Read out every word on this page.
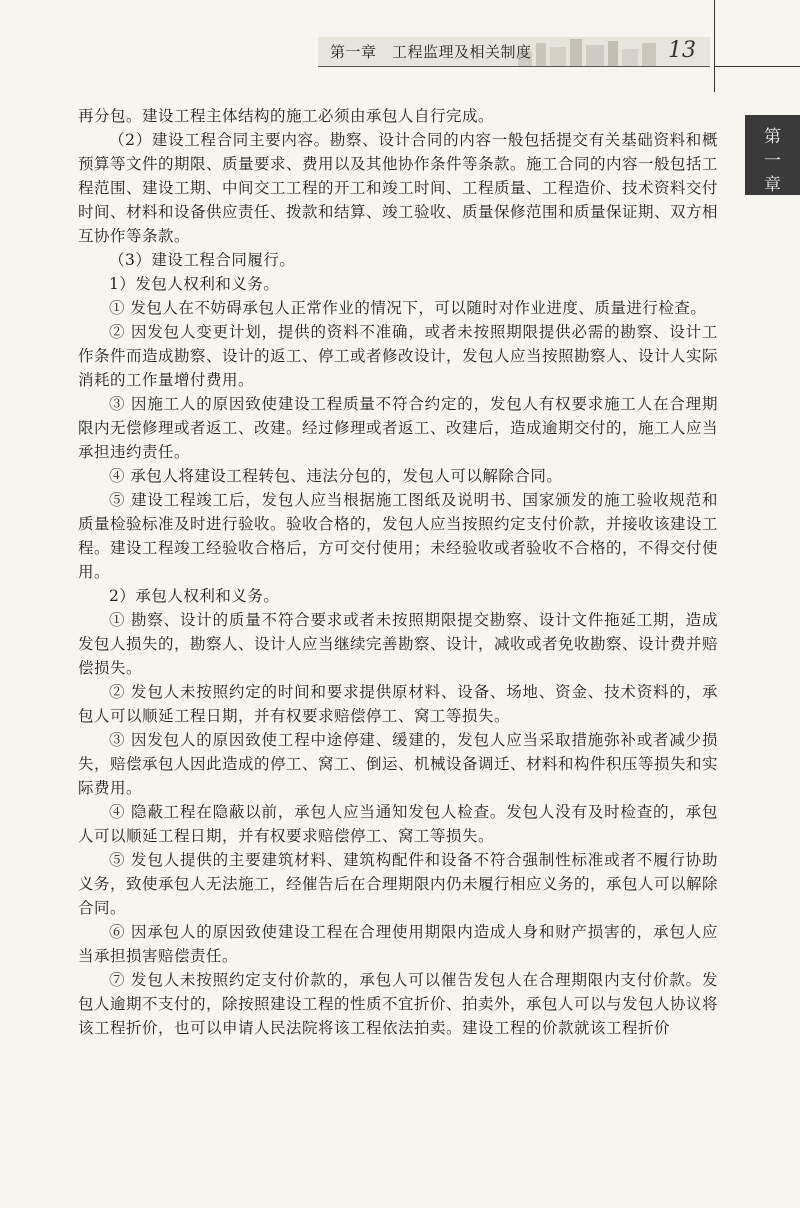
第一章　工程监理及相关制度	13
第
一
章

再分包。建设工程主体结构的施工必须由承包人自行完成。

（2）建设工程合同主要内容。勘察、设计合同的内容一般包括提交有关基础资料和概预算等文件的期限、质量要求、费用以及其他协作条件等条款。施工合同的内容一般包括工程范围、建设工期、中间交工工程的开工和竣工时间、工程质量、工程造价、技术资料交付时间、材料和设备供应责任、拨款和结算、竣工验收、质量保修范围和质量保证期、双方相互协作等条款。

（3）建设工程合同履行。

1）发包人权利和义务。

① 发包人在不妨碍承包人正常作业的情况下，可以随时对作业进度、质量进行检查。

② 因发包人变更计划，提供的资料不准确，或者未按照期限提供必需的勘察、设计工作条件而造成勘察、设计的返工、停工或者修改设计，发包人应当按照勘察人、设计人实际消耗的工作量增付费用。

③ 因施工人的原因致使建设工程质量不符合约定的，发包人有权要求施工人在合理期限内无偿修理或者返工、改建。经过修理或者返工、改建后，造成逾期交付的，施工人应当承担违约责任。

④ 承包人将建设工程转包、违法分包的，发包人可以解除合同。

⑤ 建设工程竣工后，发包人应当根据施工图纸及说明书、国家颁发的施工验收规范和质量检验标准及时进行验收。验收合格的，发包人应当按照约定支付价款，并接收该建设工程。建设工程竣工经验收合格后，方可交付使用；未经验收或者验收不合格的，不得交付使用。

2）承包人权利和义务。

① 勘察、设计的质量不符合要求或者未按照期限提交勘察、设计文件拖延工期，造成发包人损失的，勘察人、设计人应当继续完善勘察、设计，减收或者免收勘察、设计费并赔偿损失。

② 发包人未按照约定的时间和要求提供原材料、设备、场地、资金、技术资料的，承包人可以顺延工程日期，并有权要求赔偿停工、窝工等损失。

③ 因发包人的原因致使工程中途停建、缓建的，发包人应当采取措施弥补或者减少损失，赔偿承包人因此造成的停工、窝工、倒运、机械设备调迁、材料和构件积压等损失和实际费用。

④ 隐蔽工程在隐蔽以前，承包人应当通知发包人检查。发包人没有及时检查的，承包人可以顺延工程日期，并有权要求赔偿停工、窝工等损失。

⑤ 发包人提供的主要建筑材料、建筑构配件和设备不符合强制性标准或者不履行协助义务，致使承包人无法施工，经催告后在合理期限内仍未履行相应义务的，承包人可以解除合同。

⑥ 因承包人的原因致使建设工程在合理使用期限内造成人身和财产损害的，承包人应当承担损害赔偿责任。

⑦ 发包人未按照约定支付价款的，承包人可以催告发包人在合理期限内支付价款。发包人逾期不支付的，除按照建设工程的性质不宜折价、拍卖外，承包人可以与发包人协议将该工程折价，也可以申请人民法院将该工程依法拍卖。建设工程的价款就该工程折价
